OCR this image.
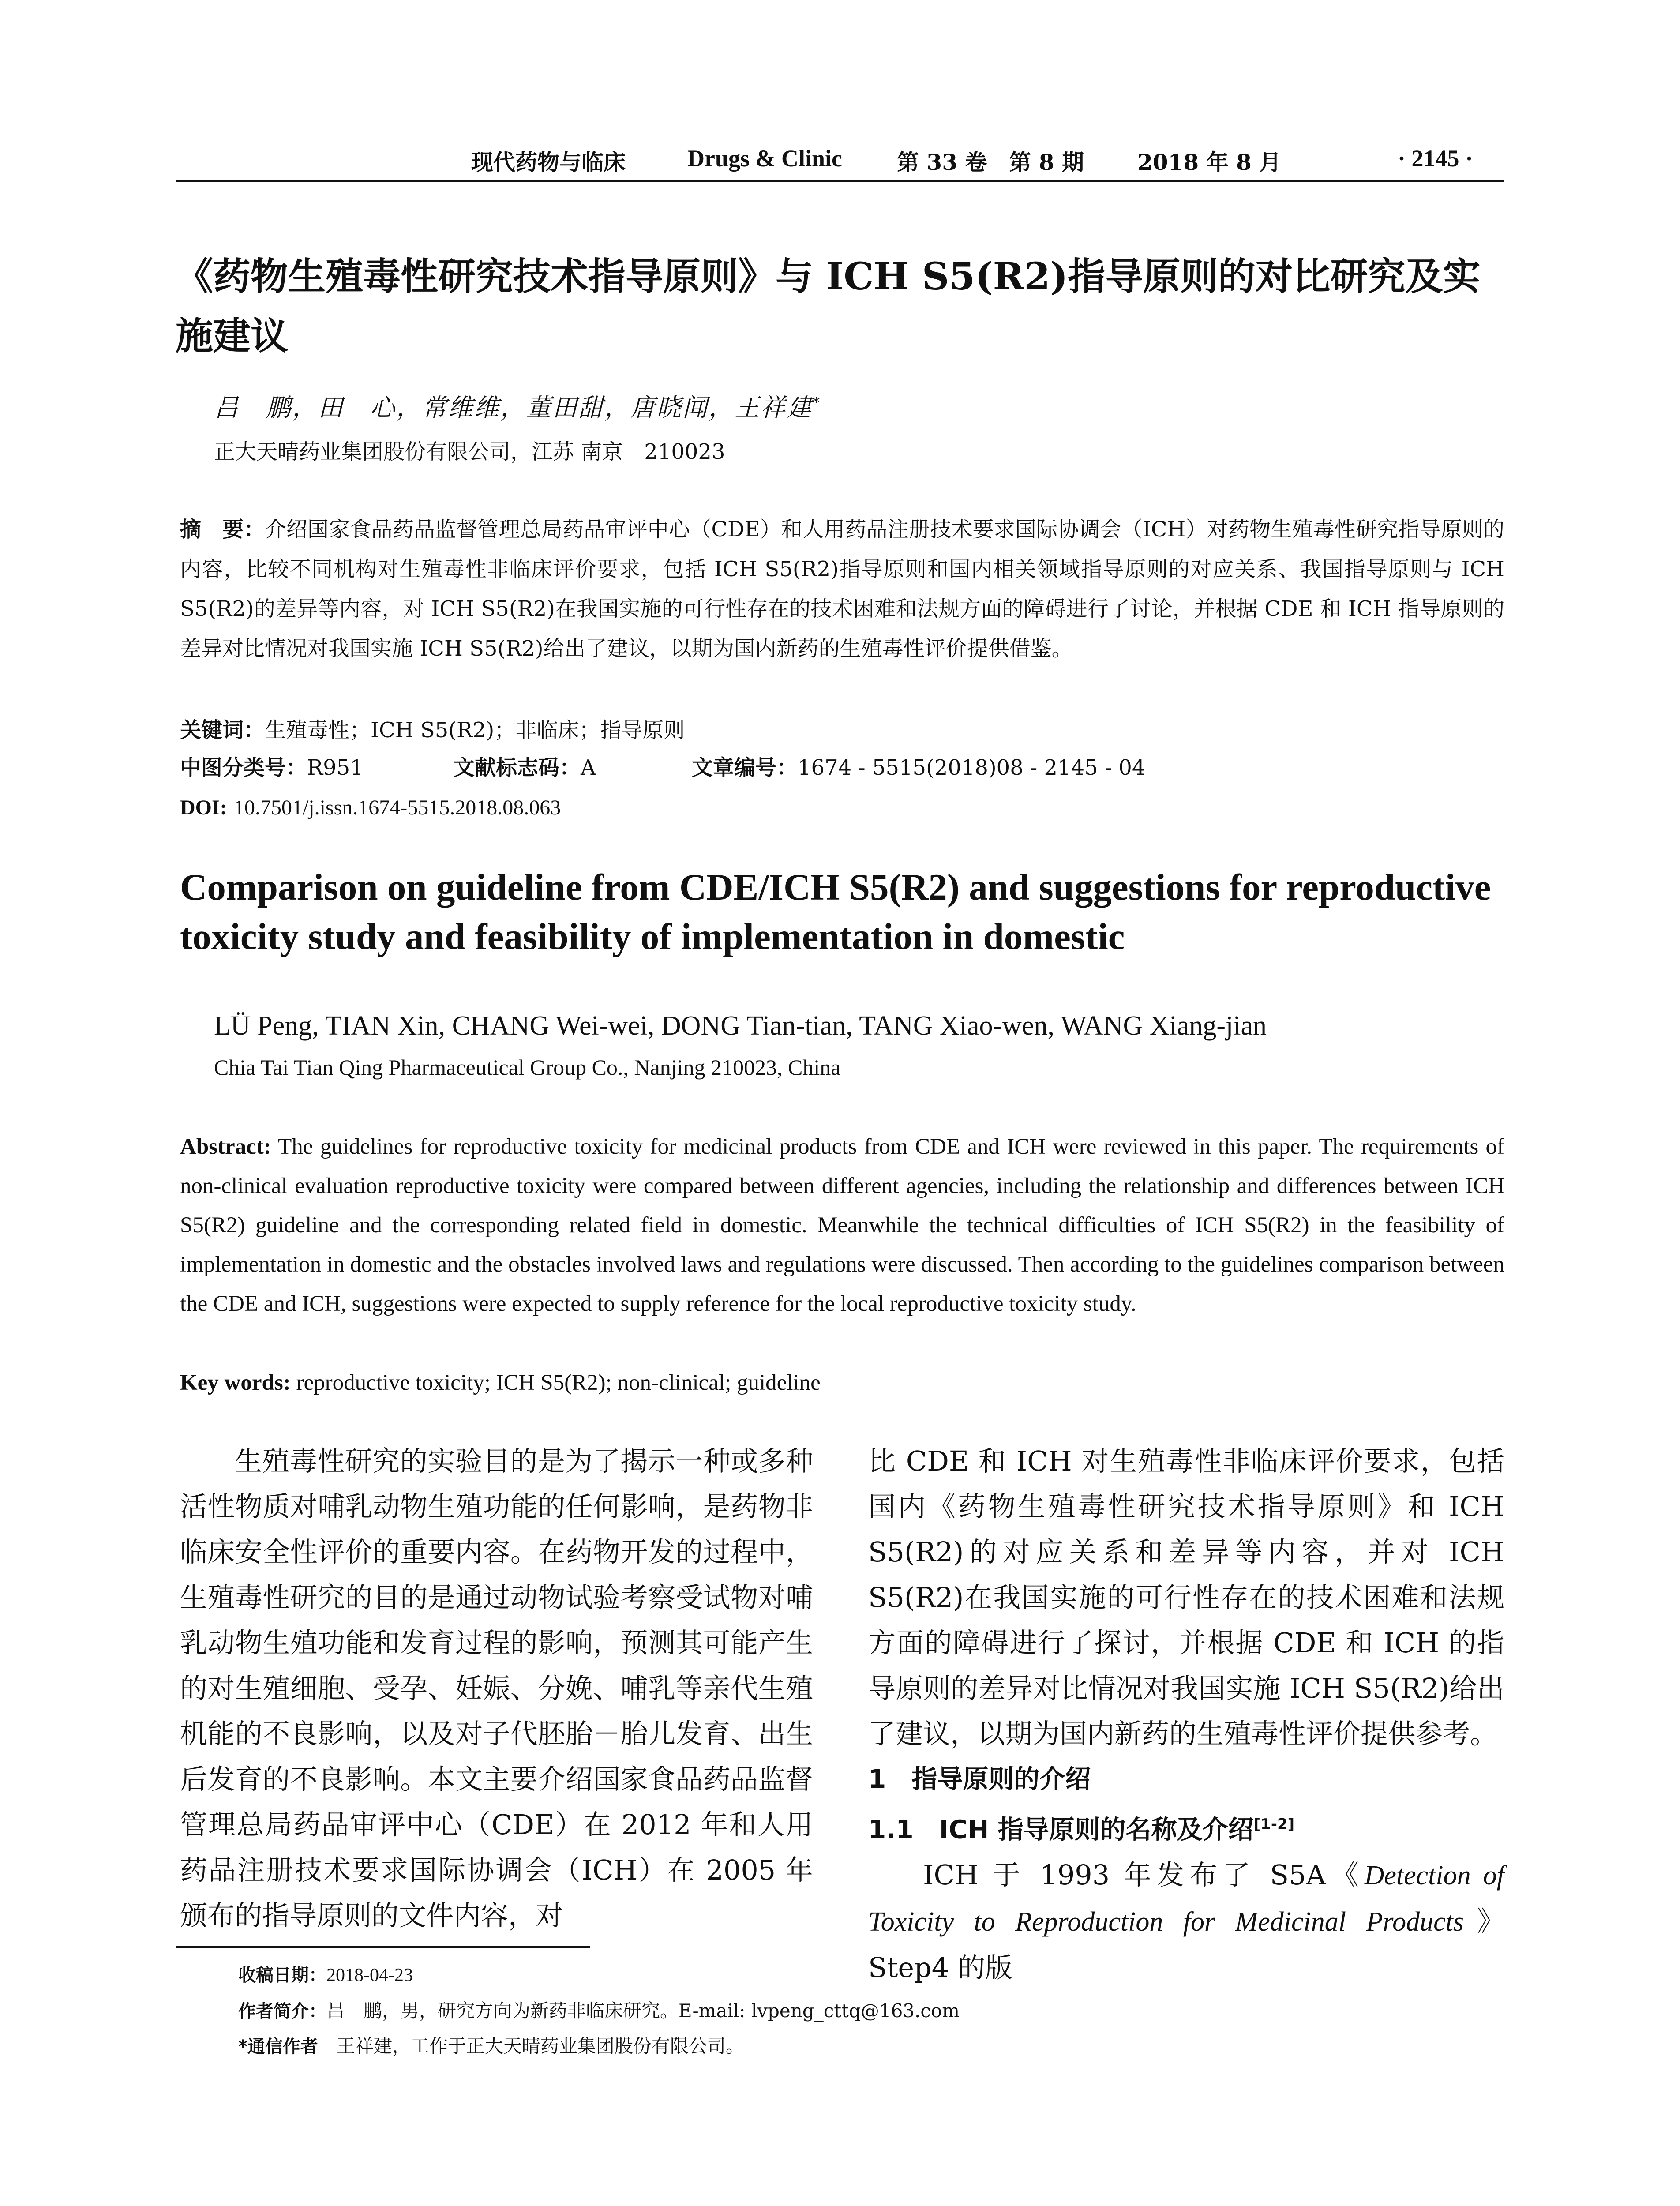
现代药物与临床	Drugs & Clinic 第 33 卷　第 8 期 2018 年 8 月	· 2145 ·
《药物生殖毒性研究技术指导原则》与 ICH S5(R2)指导原则的对比研究及实施建议
吕　鹏，田　心，常维维，董田甜，唐晓闻，王祥建*
正大天晴药业集团股份有限公司，江苏 南京　210023
摘　要：介绍国家食品药品监督管理总局药品审评中心（CDE）和人用药品注册技术要求国际协调会（ICH）对药物生殖毒性研究指导原则的内容，比较不同机构对生殖毒性非临床评价要求，包括 ICH S5(R2)指导原则和国内相关领域指导原则的对应关系、我国指导原则与 ICH S5(R2)的差异等内容，对 ICH S5(R2)在我国实施的可行性存在的技术困难和法规方面的障碍进行了讨论，并根据 CDE 和 ICH 指导原则的差异对比情况对我国实施 ICH S5(R2)给出了建议，以期为国内新药的生殖毒性评价提供借鉴。
关键词：生殖毒性；ICH S5(R2)；非临床；指导原则
中图分类号：R951	文献标志码：A	文章编号：1674 - 5515(2018)08 - 2145 - 04
DOI: 10.7501/j.issn.1674-5515.2018.08.063
Comparison on guideline from CDE/ICH S5(R2) and suggestions for reproductive toxicity study and feasibility of implementation in domestic
LÜ Peng, TIAN Xin, CHANG Wei-wei, DONG Tian-tian, TANG Xiao-wen, WANG Xiang-jian
Chia Tai Tian Qing Pharmaceutical Group Co., Nanjing 210023, China
Abstract: The guidelines for reproductive toxicity for medicinal products from CDE and ICH were reviewed in this paper. The requirements of non-clinical evaluation reproductive toxicity were compared between different agencies, including the relationship and differences between ICH S5(R2) guideline and the corresponding related field in domestic. Meanwhile the technical difficulties of ICH S5(R2) in the feasibility of implementation in domestic and the obstacles involved laws and regulations were discussed. Then according to the guidelines comparison between the CDE and ICH, suggestions were expected to supply reference for the local reproductive toxicity study.
Key words: reproductive toxicity; ICH S5(R2); non-clinical; guideline
生殖毒性研究的实验目的是为了揭示一种或多种活性物质对哺乳动物生殖功能的任何影响，是药物非临床安全性评价的重要内容。在药物开发的过程中，生殖毒性研究的目的是通过动物试验考察受试物对哺乳动物生殖功能和发育过程的影响，预测其可能产生的对生殖细胞、受孕、妊娠、分娩、哺乳等亲代生殖机能的不良影响，以及对子代胚胎－胎儿发育、出生后发育的不良影响。本文主要介绍国家食品药品监督管理总局药品审评中心（CDE）在 2012 年和人用药品注册技术要求国际协调会（ICH）在 2005 年颁布的指导原则的文件内容，对
比 CDE 和 ICH 对生殖毒性非临床评价要求，包括国内《药物生殖毒性研究技术指导原则》和 ICH S5(R2)的对应关系和差异等内容，并对 ICH S5(R2)在我国实施的可行性存在的技术困难和法规方面的障碍进行了探讨，并根据 CDE 和 ICH 的指导原则的差异对比情况对我国实施 ICH S5(R2)给出了建议，以期为国内新药的生殖毒性评价提供参考。
1　指导原则的介绍
1.1　ICH 指导原则的名称及介绍[1-2]
ICH 于 1993 年发布了 S5A《Detection of Toxicity to Reproduction for Medicinal Products》Step4 的版
收稿日期：2018-04-23
作者简介：吕　鹏，男，研究方向为新药非临床研究。E-mail: lvpeng_cttq@163.com
*通信作者　王祥建，工作于正大天晴药业集团股份有限公司。
